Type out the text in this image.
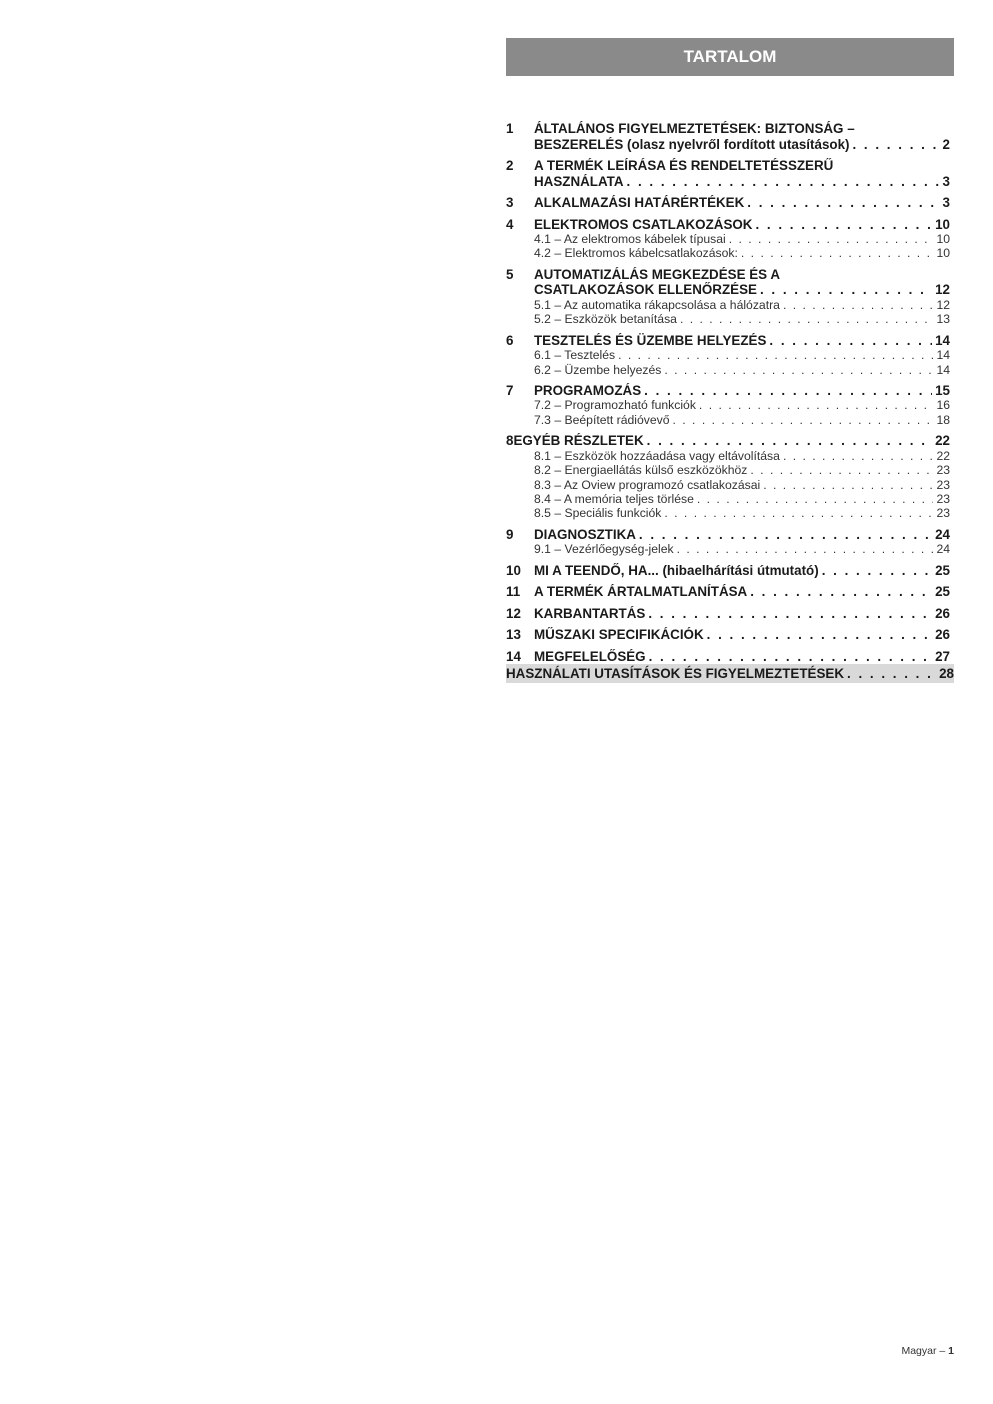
TARTALOM
1	ÁLTALÁNOS FIGYELMEZTETÉSEK: BIZTONSÁG –
BESZERELÉS (olasz nyelvről fordított utasítások) . . .	2
2	A TERMÉK LEÍRÁSA ÉS RENDELTETÉSSZERŰ
HASZNÁLATA . . .	3
3	ALKALMAZÁSI HATÁRÉRTÉKEK . . .	3
4	ELEKTROMOS CSATLAKOZÁSOK . . .	10
4.1 – Az elektromos kábelek típusai . . .	10
4.2 – Elektromos kábelcsatlakozások: . . .	10
5	AUTOMATIZÁLÁS MEGKEZDÉSE ÉS A
CSATLAKOZÁSOK ELLENŐRZÉSE . . .	12
5.1 – Az automatika rákapcsolása a hálózatra . . .	12
5.2 – Eszközök betanítása . . .	13
6	TESZTELÉS ÉS ÜZEMBE HELYEZÉS . . .	14
6.1 – Tesztelés . . .	14
6.2 – Üzembe helyezés . . .	14
7	PROGRAMOZÁS . . .	15
7.2 – Programozható funkciók . . .	16
7.3 – Beépített rádióvevő . . .	18
8 EGYÉB RÉSZLETEK . . .	22
8.1 – Eszközök hozzáadása vagy eltávolítása . . .	22
8.2 – Energiaellátás külső eszközökhöz . . .	23
8.3 – Az Oview programozó csatlakozásai . . .	23
8.4 – A memória teljes törlése . . .	23
8.5 – Speciális funkciók . . .	23
9	DIAGNOSZTIKA . . .	24
9.1 – Vezérlőegység-jelek . . .	24
10 MI A TEENDŐ, HA... (hibaelhárítási útmutató) . . .	25
11	A TERMÉK ÁRTALMATLANÍTÁSA . . .	25
12 KARBANTARTÁS . . .	26
13 MŰSZAKI SPECIFIKÁCIÓK . . .	26
14 MEGFELELŐSÉG . . .	27
HASZNÁLATI UTASÍTÁSOK ÉS FIGYELMEZTETÉSEK . . .	28
Magyar – 1
